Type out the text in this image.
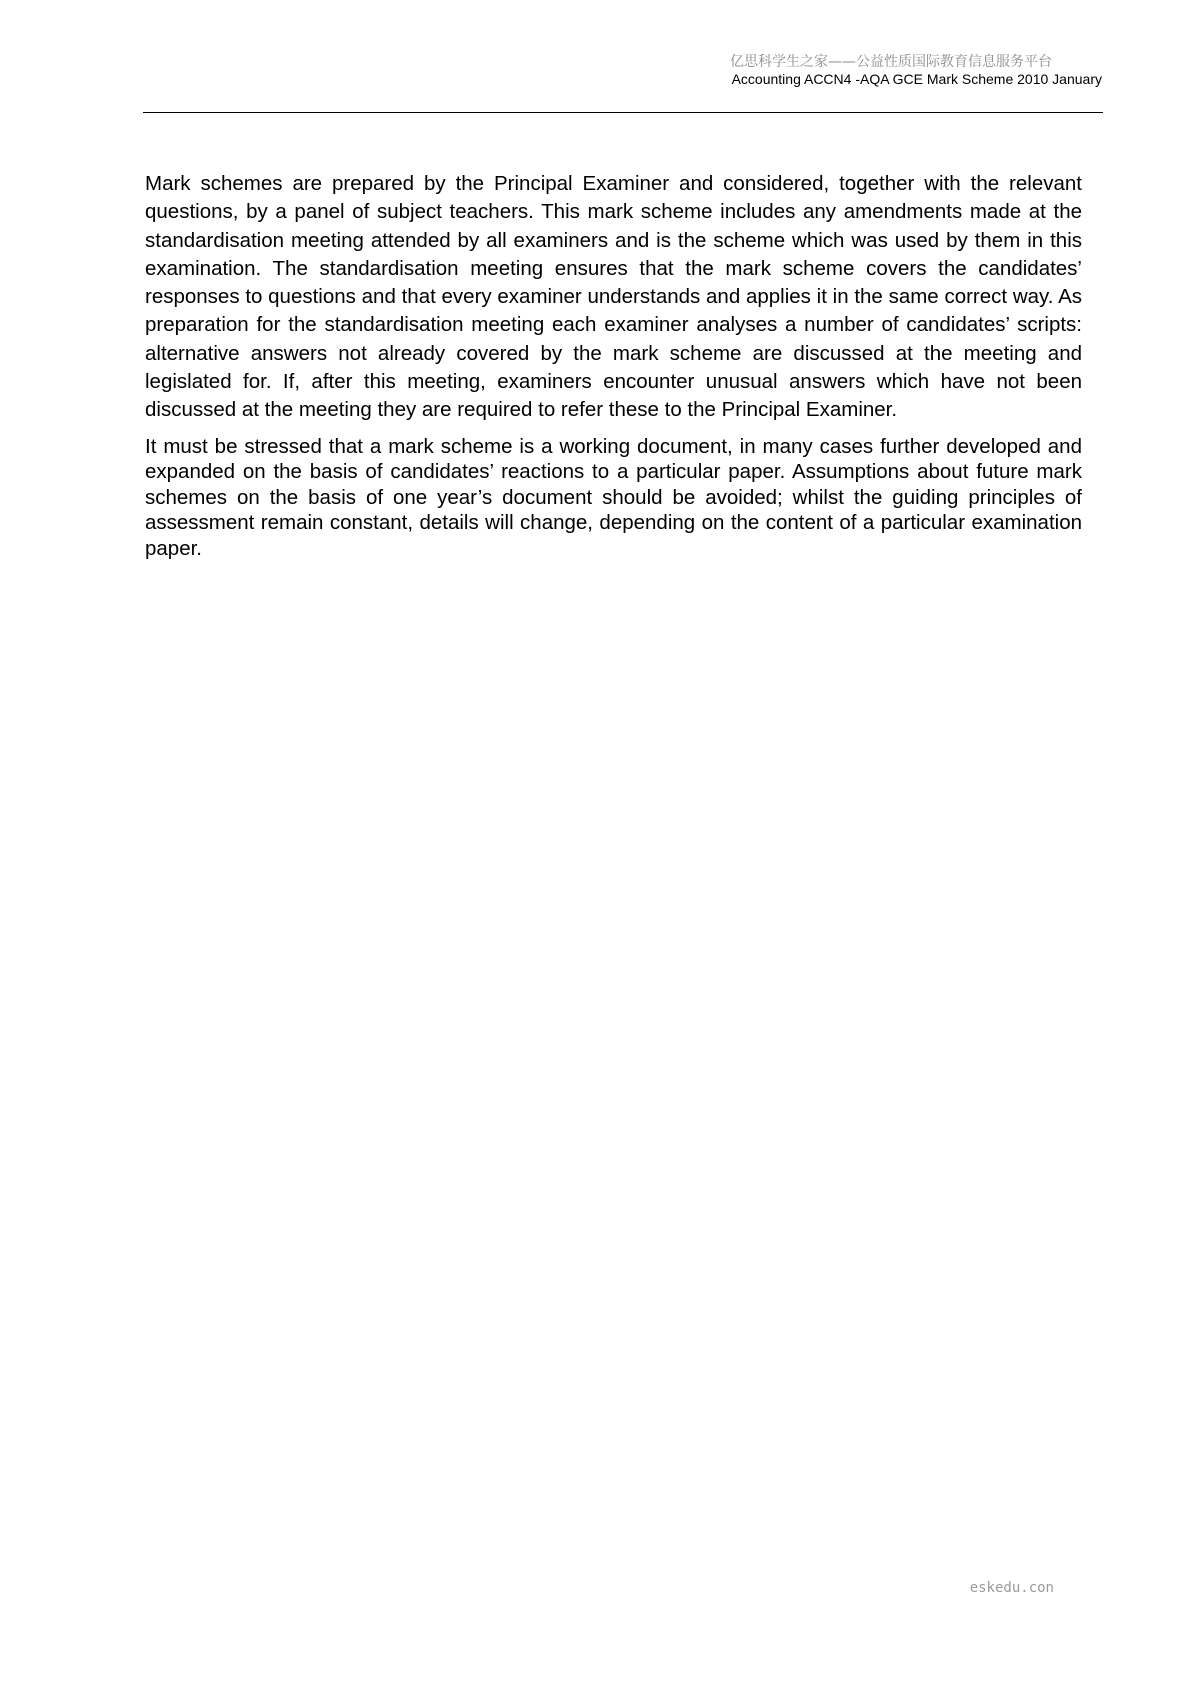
亿思科学生之家——公益性质国际教育信息服务平台
Accounting ACCN4 -AQA GCE Mark Scheme 2010 January

Mark schemes are prepared by the Principal Examiner and considered, together with the relevant questions, by a panel of subject teachers. This mark scheme includes any amendments made at the standardisation meeting attended by all examiners and is the scheme which was used by them in this examination. The standardisation meeting ensures that the mark scheme covers the candidates’ responses to questions and that every examiner understands and applies it in the same correct way. As preparation for the standardisation meeting each examiner analyses a number of candidates’ scripts: alternative answers not already covered by the mark scheme are discussed at the meeting and legislated for. If, after this meeting, examiners encounter unusual answers which have not been discussed at the meeting they are required to refer these to the Principal Examiner.

It must be stressed that a mark scheme is a working document, in many cases further developed and expanded on the basis of candidates’ reactions to a particular paper. Assumptions about future mark schemes on the basis of one year’s document should be avoided; whilst the guiding principles of assessment remain constant, details will change, depending on the content of a particular examination paper.

eskedu.con
